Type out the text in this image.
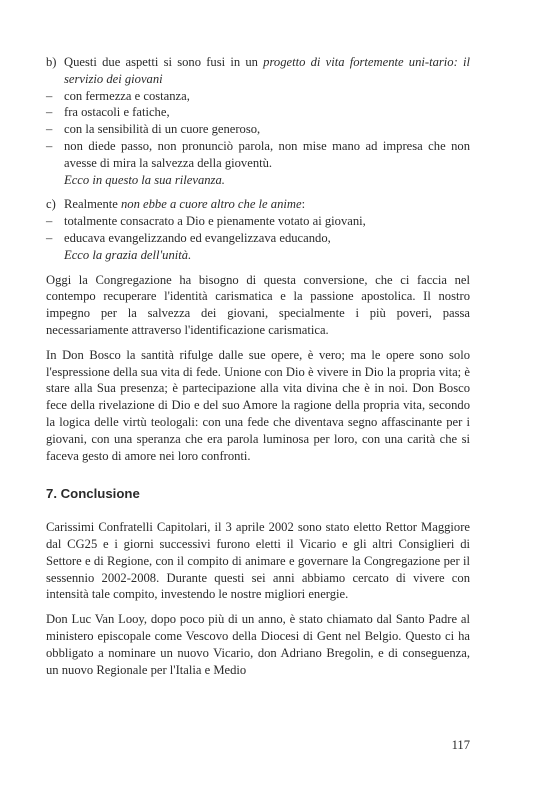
b) Questi due aspetti si sono fusi in un progetto di vita fortemente uni-tario: il servizio dei giovani
– con fermezza e costanza,
– fra ostacoli e fatiche,
– con la sensibilità di un cuore generoso,
– non diede passo, non pronunciò parola, non mise mano ad impresa che non avesse di mira la salvezza della gioventù.
Ecco in questo la sua rilevanza.
c) Realmente non ebbe a cuore altro che le anime:
– totalmente consacrato a Dio e pienamente votato ai giovani,
– educava evangelizzando ed evangelizzava educando,
Ecco la grazia dell'unità.

Oggi la Congregazione ha bisogno di questa conversione, che ci faccia nel contempo recuperare l'identità carismatica e la passione apostolica. Il nostro impegno per la salvezza dei giovani, specialmente i più poveri, passa necessariamente attraverso l'identificazione carismatica.

In Don Bosco la santità rifulge dalle sue opere, è vero; ma le opere sono solo l'espressione della sua vita di fede. Unione con Dio è vivere in Dio la propria vita; è stare alla Sua presenza; è partecipazione alla vita divina che è in noi. Don Bosco fece della rivelazione di Dio e del suo Amore la ragione della propria vita, secondo la logica delle virtù teologali: con una fede che diventava segno affascinante per i giovani, con una speranza che era parola luminosa per loro, con una carità che si faceva gesto di amore nei loro confronti.

7. Conclusione

Carissimi Confratelli Capitolari, il 3 aprile 2002 sono stato eletto Rettor Maggiore dal CG25 e i giorni successivi furono eletti il Vicario e gli altri Consiglieri di Settore e di Regione, con il compito di animare e governare la Congregazione per il sessennio 2002-2008. Durante questi sei anni abbiamo cercato di vivere con intensità tale compito, investendo le nostre migliori energie.

Don Luc Van Looy, dopo poco più di un anno, è stato chiamato dal Santo Padre al ministero episcopale come Vescovo della Diocesi di Gent nel Belgio. Questo ci ha obbligato a nominare un nuovo Vicario, don Adriano Bregolin, e di conseguenza, un nuovo Regionale per l'Italia e Medio

117
